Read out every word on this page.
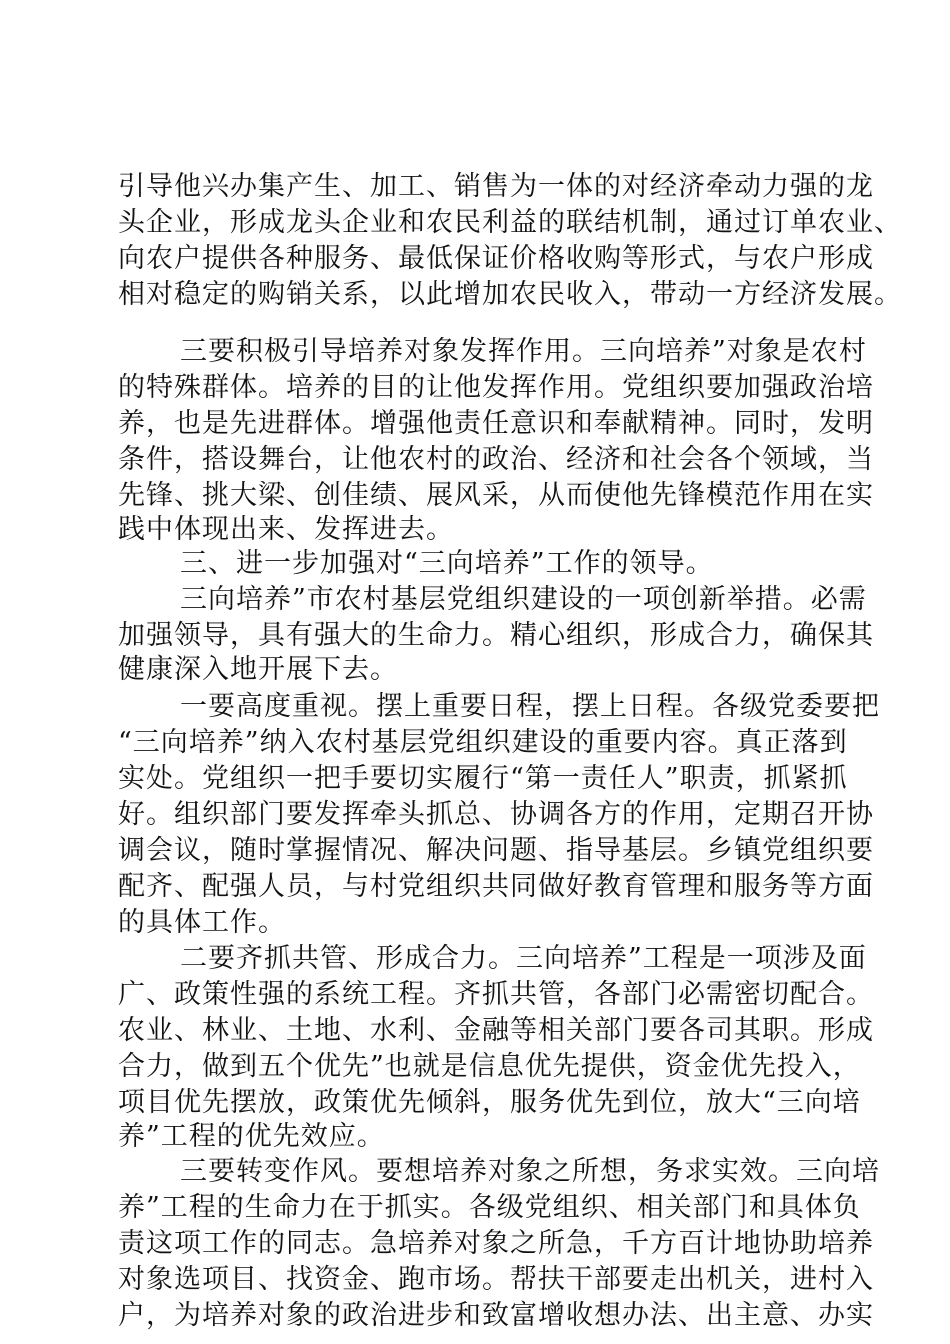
引导他兴办集产生、加工、销售为一体的对经济牵动力强的龙
头企业，形成龙头企业和农民利益的联结机制，通过订单农业、
向农户提供各种服务、最低保证价格收购等形式，与农户形成
相对稳定的购销关系，以此增加农民收入，带动一方经济发展。
三要积极引导培养对象发挥作用。三向培养”对象是农村
的特殊群体。培养的目的让他发挥作用。党组织要加强政治培
养，也是先进群体。增强他责任意识和奉献精神。同时，发明
条件，搭设舞台，让他农村的政治、经济和社会各个领域，当
先锋、挑大梁、创佳绩、展风采，从而使他先锋模范作用在实
践中体现出来、发挥进去。
三、进一步加强对“三向培养”工作的领导。
三向培养”市农村基层党组织建设的一项创新举措。必需
加强领导，具有强大的生命力。精心组织，形成合力，确保其
健康深入地开展下去。
一要高度重视。摆上重要日程，摆上日程。各级党委要把
“三向培养”纳入农村基层党组织建设的重要内容。真正落到
实处。党组织一把手要切实履行“第一责任人”职责，抓紧抓
好。组织部门要发挥牵头抓总、协调各方的作用，定期召开协
调会议，随时掌握情况、解决问题、指导基层。乡镇党组织要
配齐、配强人员，与村党组织共同做好教育管理和服务等方面
的具体工作。
二要齐抓共管、形成合力。三向培养”工程是一项涉及面
广、政策性强的系统工程。齐抓共管，各部门必需密切配合。
农业、林业、土地、水利、金融等相关部门要各司其职。形成
合力，做到五个优先”也就是信息优先提供，资金优先投入，
项目优先摆放，政策优先倾斜，服务优先到位，放大“三向培
养”工程的优先效应。
三要转变作风。要想培养对象之所想，务求实效。三向培
养”工程的生命力在于抓实。各级党组织、相关部门和具体负
责这项工作的同志。急培养对象之所急，千方百计地协助培养
对象选项目、找资金、跑市场。帮扶干部要走出机关，进村入
户，为培养对象的政治进步和致富增收想办法、出主意、办实
